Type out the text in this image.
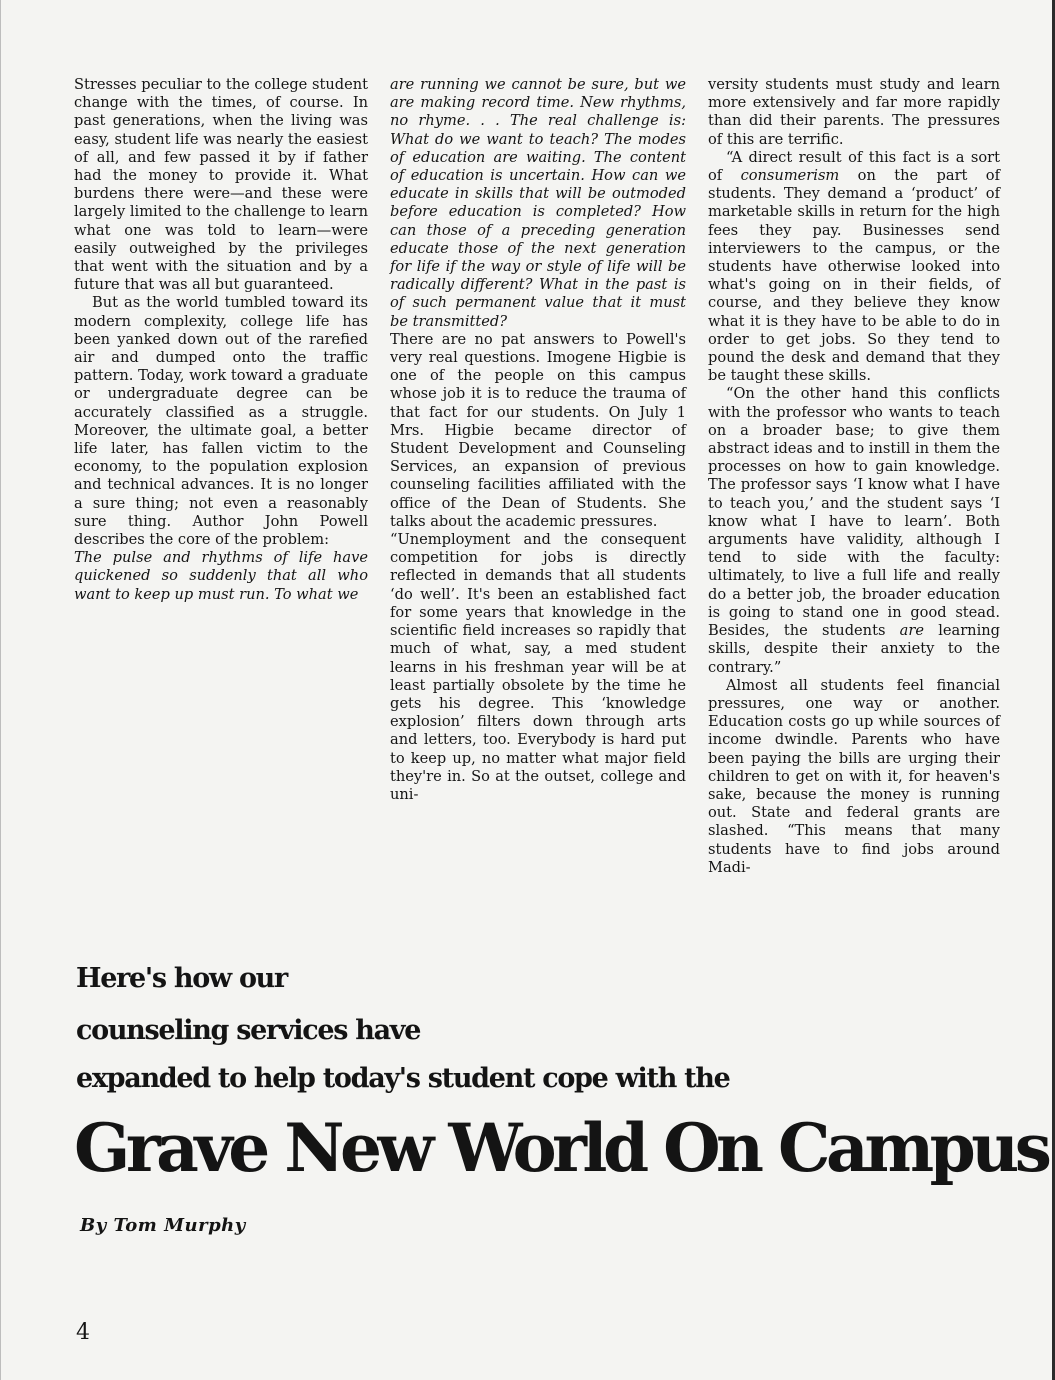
Stresses peculiar to the college student change with the times, of course. In past generations, when the living was easy, student life was nearly the easiest of all, and few passed it by if father had the money to provide it. What burdens there were—and these were largely limited to the challenge to learn what one was told to learn—were easily outweighed by the privileges that went with the situation and by a future that was all but guaranteed.

But as the world tumbled toward its modern complexity, college life has been yanked down out of the rarefied air and dumped onto the traffic pattern. Today, work toward a graduate or undergraduate degree can be accurately classified as a struggle. Moreover, the ultimate goal, a better life later, has fallen victim to the economy, to the population explosion and technical advances. It is no longer a sure thing; not even a reasonably sure thing. Author John Powell describes the core of the problem:

The pulse and rhythms of life have quickened so suddenly that all who want to keep up must run. To what we

are running we cannot be sure, but we are making record time. New rhythms, no rhyme. . . The real challenge is: What do we want to teach? The modes of education are waiting. The content of education is uncertain. How can we educate in skills that will be outmoded before education is completed? How can those of a preceding generation educate those of the next generation for life if the way or style of life will be radically different? What in the past is of such permanent value that it must be transmitted?

There are no pat answers to Powell's very real questions. Imogene Higbie is one of the people on this campus whose job it is to reduce the trauma of that fact for our students. On July 1 Mrs. Higbie became director of Student Development and Counseling Services, an expansion of previous counseling facilities affiliated with the office of the Dean of Students. She talks about the academic pressures.

“Unemployment and the consequent competition for jobs is directly reflected in demands that all students ‘do well’. It's been an established fact for some years that knowledge in the scientific field increases so rapidly that much of what, say, a med student learns in his freshman year will be at least partially obsolete by the time he gets his degree. This ‘knowledge explosion’ filters down through arts and letters, too. Everybody is hard put to keep up, no matter what major field they're in. So at the outset, college and uni-

versity students must study and learn more extensively and far more rapidly than did their parents. The pressures of this are terrific.

“A direct result of this fact is a sort of consumerism on the part of students. They demand a ‘product’ of marketable skills in return for the high fees they pay. Businesses send interviewers to the campus, or the students have otherwise looked into what's going on in their fields, of course, and they believe they know what it is they have to be able to do in order to get jobs. So they tend to pound the desk and demand that they be taught these skills.

“On the other hand this conflicts with the professor who wants to teach on a broader base; to give them abstract ideas and to instill in them the processes on how to gain knowledge. The professor says ‘I know what I have to teach you,’ and the student says ‘I know what I have to learn’. Both arguments have validity, although I tend to side with the faculty: ultimately, to live a full life and really do a better job, the broader education is going to stand one in good stead. Besides, the students are learning skills, despite their anxiety to the contrary.”

Almost all students feel financial pressures, one way or another. Education costs go up while sources of income dwindle. Parents who have been paying the bills are urging their children to get on with it, for heaven's sake, because the money is running out. State and federal grants are slashed. “This means that many students have to find jobs around Madi-

Here's how our

counseling services have

expanded to help today's student cope with the

Grave New World On Campus
By Tom Murphy
4
